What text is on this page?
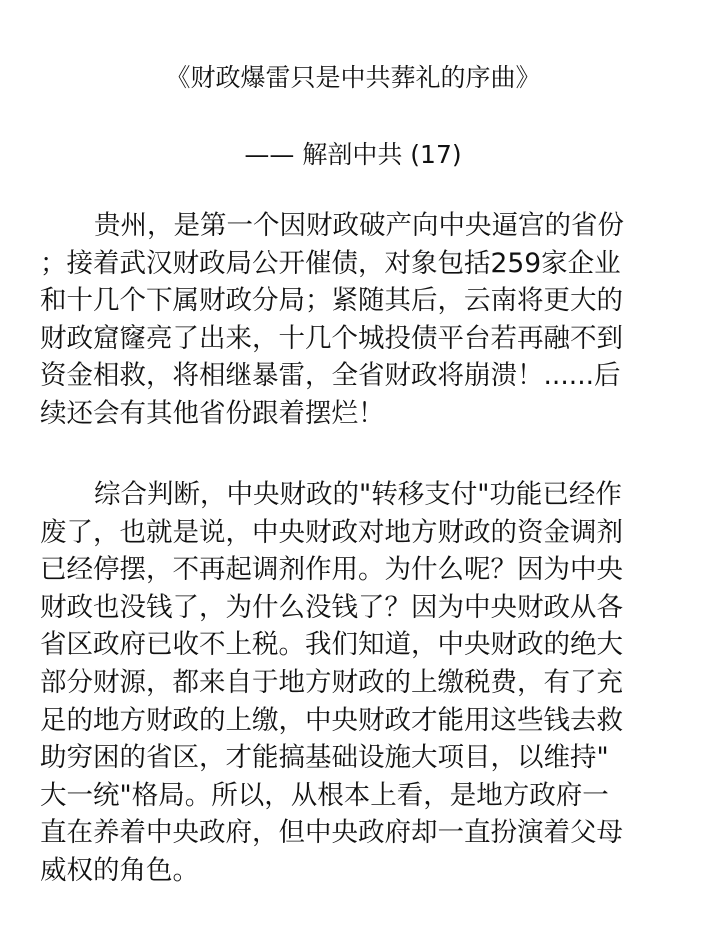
《财政爆雷只是中共葬礼的序曲》
—— 解剖中共 (17)
贵州，是第一个因财政破产向中央逼宫的省份
；接着武汉财政局公开催债，对象包括259家企业
和十几个下属财政分局；紧随其后，云南将更大的
财政窟窿亮了出来，十几个城投债平台若再融不到
资金相救，将相继暴雷，全省财政将崩溃！......后
续还会有其他省份跟着摆烂！
综合判断，中央财政的"转移支付"功能已经作
废了，也就是说，中央财政对地方财政的资金调剂
已经停摆，不再起调剂作用。为什么呢？因为中央
财政也没钱了，为什么没钱了？因为中央财政从各
省区政府已收不上税。我们知道，中央财政的绝大
部分财源，都来自于地方财政的上缴税费，有了充
足的地方财政的上缴，中央财政才能用这些钱去救
助穷困的省区，才能搞基础设施大项目，以维持"
大一统"格局。所以，从根本上看，是地方政府一
直在养着中央政府，但中央政府却一直扮演着父母
威权的角色。
